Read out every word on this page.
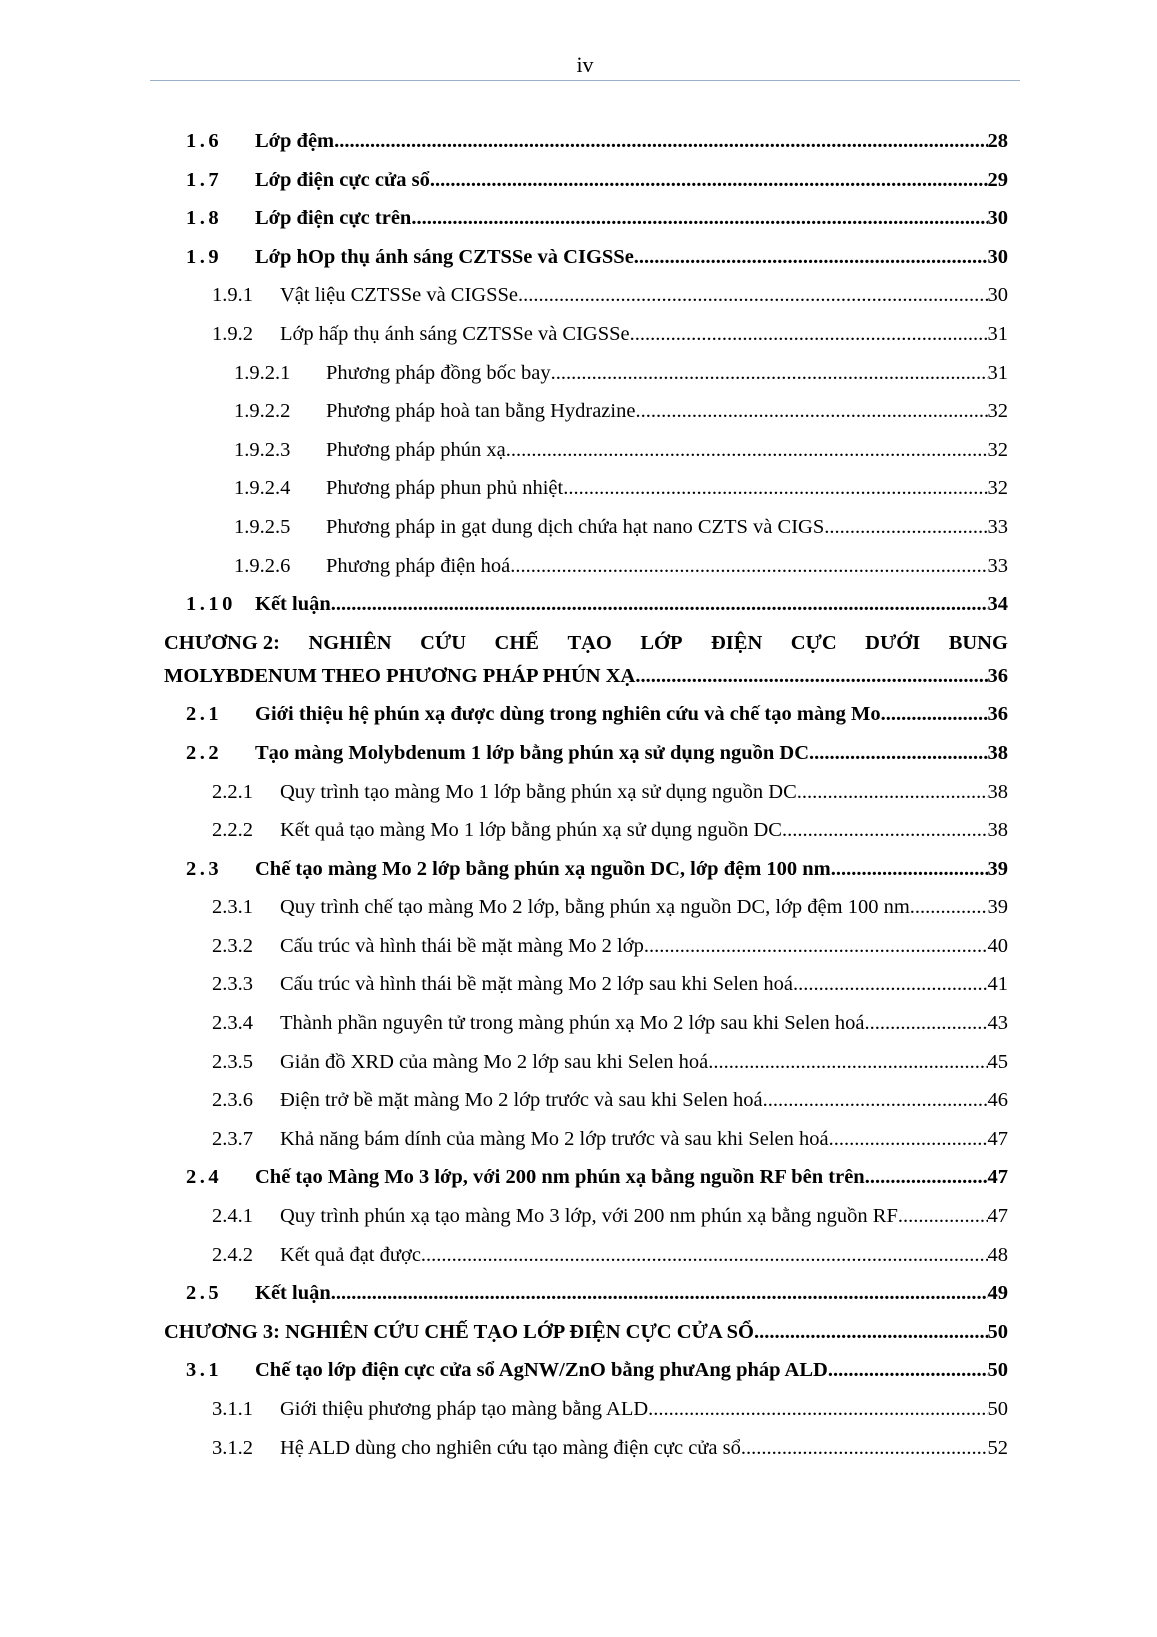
iv
1.6	Lớp đệm .....	28
1.7	Lớp điện cực cửa sổ .....	29
1.8	Lớp điện cực trên .....	30
1.9	Lớp hОp thụ ánh sáng CZTSSe và CIGSSe .....	30
1.9.1	Vật liệu CZTSSe và CIGSSe .....	30
1.9.2	Lớp hấp thụ ánh sáng CZTSSe và CIGSSe .....	31
1.9.2.1	Phương pháp đồng bốc bay .....	31
1.9.2.2	Phương pháp hoà tan bằng Hydrazine .....	32
1.9.2.3	Phương pháp phún xạ .....	32
1.9.2.4	Phương pháp phun phủ nhiệt .....	32
1.9.2.5	Phương pháp in gạt dung dịch chứa hạt nano CZTS và CIGS .....	33
1.9.2.6	Phương pháp điện hoá .....	33
1.10 Kết luận .....	34
CHƯƠNG 2: NGHIÊN CỨU CHẾ TẠO LỚP ĐIỆN CỰC DƯỚI BUNG
MOLYBDENUM THEO PHƯƠNG PHÁP PHÚN XẠ .....	36
2.1	Giới thiệu hệ phún xạ được dùng trong nghiên cứu và chế tạo màng Mo .....	36
2.2	Tạo màng Molybdenum 1 lớp bằng phún xạ sử dụng nguồn DC .....	38
2.2.1	Quy trình tạo màng Mo 1 lớp bằng phún xạ sử dụng nguồn DC .....	38
2.2.2	Kết quả tạo màng Mo 1 lớp bằng phún xạ sử dụng nguồn DC .....	38
2.3	Chế tạo màng Mo 2 lớp bằng phún xạ nguồn DC, lớp đệm 100 nm .....	39
2.3.1	Quy trình chế tạo màng Mo 2 lớp, bằng phún xạ nguồn DC, lớp đệm 100 nm .....	39
2.3.2	Cấu trúc và hình thái bề mặt màng Mo 2 lớp .....	40
2.3.3	Cấu trúc và hình thái bề mặt màng Mo 2 lớp sau khi Selen hoá .....	41
2.3.4	Thành phần nguyên tử trong màng phún xạ Mo 2 lớp sau khi Selen hoá .....	43
2.3.5	Giản đồ XRD của màng Mo 2 lớp sau khi Selen hoá .....	45
2.3.6	Điện trở bề mặt màng Mo 2 lớp trước và sau khi Selen hoá .....	46
2.3.7	Khả năng bám dính của màng Mo 2 lớp trước và sau khi Selen hoá .....	47
2.4	Chế tạo Màng Mo 3 lớp, với 200 nm phún xạ bằng nguồn RF bên trên .....	47
2.4.1	Quy trình phún xạ tạo màng Mo 3 lớp, với 200 nm phún xạ bằng nguồn RF .....	47
2.4.2	Kết quả đạt được .....	48
2.5	Kết luận .....	49
CHƯƠNG 3: NGHIÊN CỨU CHẾ TẠO LỚP ĐIỆN CỰC CỬA SỔ .....	50
3.1	Chế tạo lớp điện cực cửa sổ AgNW/ZnO bằng phưAng pháp ALD .....	50
3.1.1	Giới thiệu phương pháp tạo màng bằng ALD .....	50
3.1.2	Hệ ALD dùng cho nghiên cứu tạo màng điện cực cửa sổ .....	52
